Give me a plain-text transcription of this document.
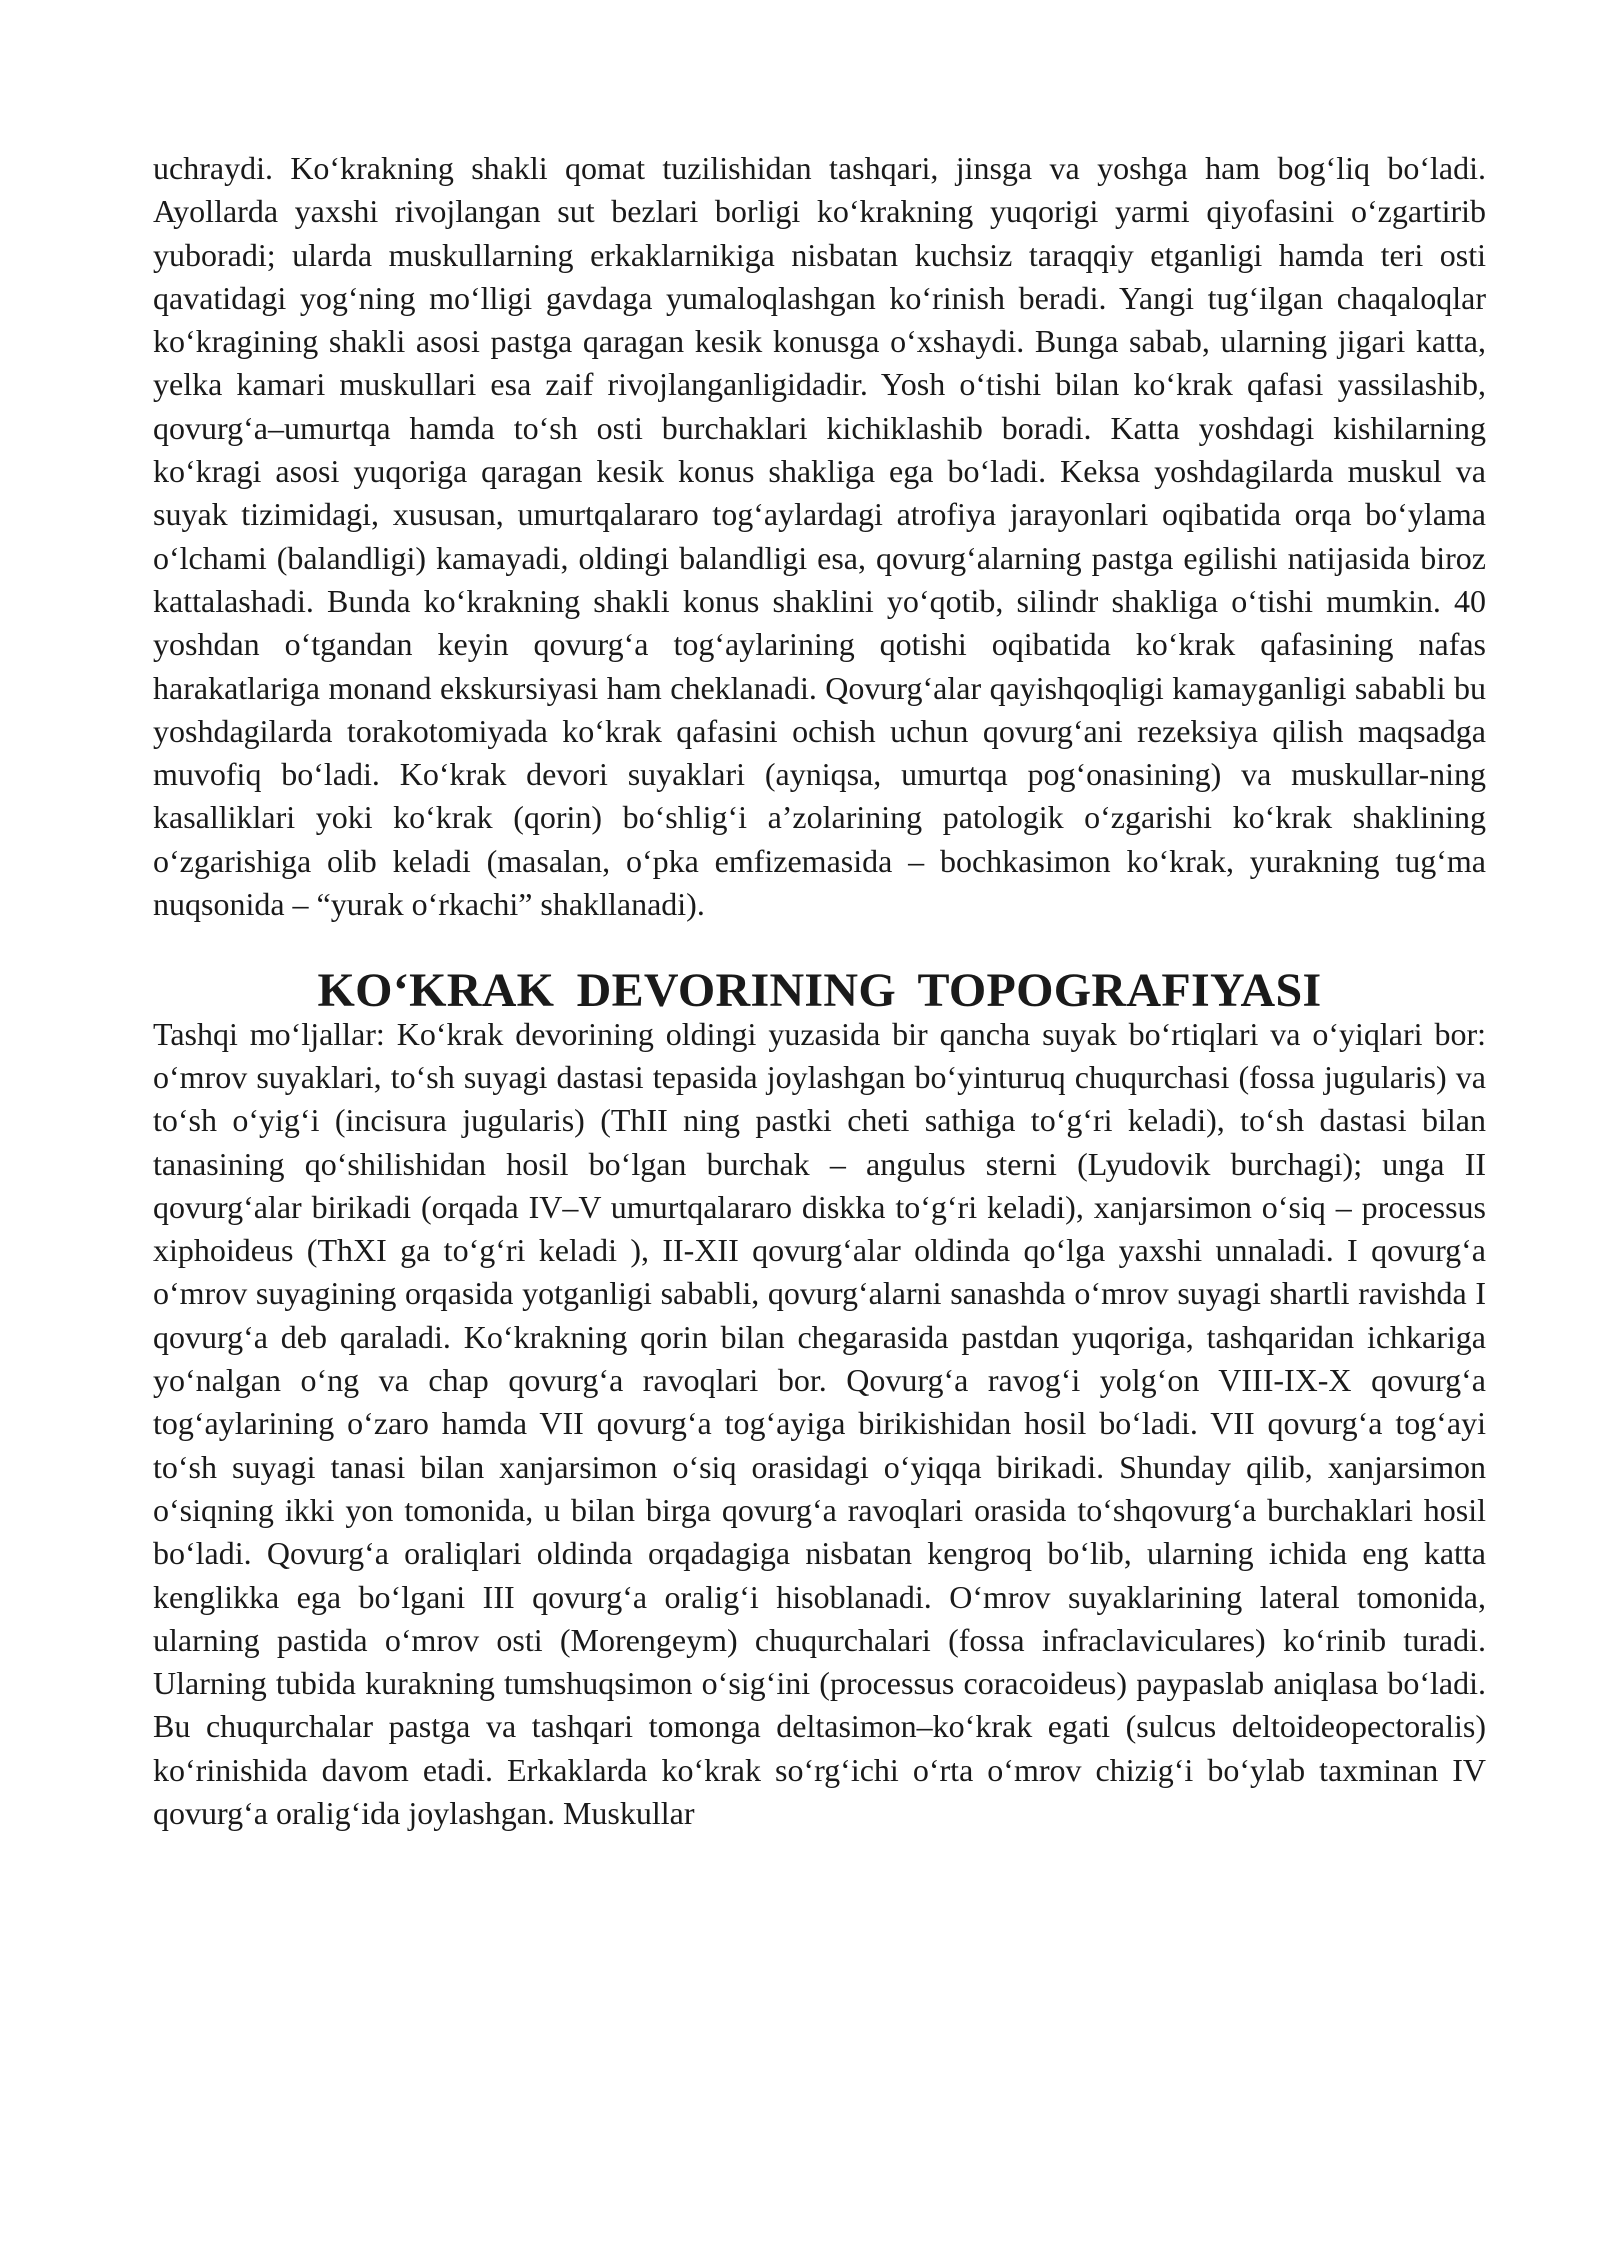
uchraydi. Ko‘krakning shakli qomat tuzilishidan tashqari, jinsga va yoshga ham bog‘liq bo‘ladi. Ayollarda yaxshi rivojlangan sut bezlari borligi ko‘krakning yuqorigi yarmi qiyofasini o‘zgartirib yuboradi; ularda muskullarning erkaklarnikiga nisbatan kuchsiz taraqqiy etganligi hamda teri osti qavatidagi yog‘ning mo‘lligi gavdaga yumaloqlashgan ko‘rinish beradi. Yangi tug‘ilgan chaqaloqlar ko‘kragining shakli asosi pastga qaragan kesik konusga o‘xshaydi. Bunga sabab, ularning jigari katta, yelka kamari muskullari esa zaif rivojlanganligidadir. Yosh o‘tishi bilan ko‘krak qafasi yassilashib, qovurg‘a–umurtqa hamda to‘sh osti burchaklari kichiklashib boradi. Katta yoshdagi kishilarning ko‘kragi asosi yuqoriga qaragan kesik konus shakliga ega bo‘ladi. Keksa yoshdagilarda muskul va suyak tizimidagi, xususan, umurtqalararo tog‘aylardagi atrofiya jarayonlari oqibatida orqa bo‘ylama o‘lchami (balandligi) kamayadi, oldingi balandligi esa, qovurg‘alarning pastga egilishi natijasida biroz kattalashadi. Bunda ko‘krakning shakli konus shaklini yo‘qotib, silindr shakliga o‘tishi mumkin. 40 yoshdan o‘tgandan keyin qovurg‘a tog‘aylarining qotishi oqibatida ko‘krak qafasining nafas harakatlariga monand ekskursiyasi ham cheklanadi. Qovurg‘alar qayishqoqligi kamayganligi sababli bu yoshdagilarda torakotomiyada ko‘krak qafasini ochish uchun qovurg‘ani rezeksiya qilish maqsadga muvofiq bo‘ladi. Ko‘krak devori suyaklari (ayniqsa, umurtqa pog‘onasining) va muskullar-ning kasalliklari yoki ko‘krak (qorin) bo‘shlig‘i a’zolarining patologik o‘zgarishi ko‘krak shaklining o‘zgarishiga olib keladi (masalan, o‘pka emfizemasida – bochkasimon ko‘krak, yurakning tug‘ma nuqsonida – “yurak o‘rkachi” shakllanadi).

KO‘KRAK DEVORINING TOPOGRAFIYASI

Tashqi mo‘ljallar: Ko‘krak devorining oldingi yuzasida bir qancha suyak bo‘rtiqlari va o‘yiqlari bor: o‘mrov suyaklari, to‘sh suyagi dastasi tepasida joylashgan bo‘yinturuq chuqurchasi (fossa jugularis) va to‘sh o‘yig‘i (incisura jugularis) (ThII ning pastki cheti sathiga to‘g‘ri keladi), to‘sh dastasi bilan tanasining qo‘shilishidan hosil bo‘lgan burchak – angulus sterni (Lyudovik burchagi); unga II qovurg‘alar birikadi (orqada IV–V umurtqalararo diskka to‘g‘ri keladi), xanjarsimon o‘siq – processus xiphoideus (ThXI ga to‘g‘ri keladi ), II-XII qovurg‘alar oldinda qo‘lga yaxshi unnaladi. I qovurg‘a o‘mrov suyagining orqasida yotganligi sababli, qovurg‘alarni sanashda o‘mrov suyagi shartli ravishda I qovurg‘a deb qaraladi. Ko‘krakning qorin bilan chegarasida pastdan yuqoriga, tashqaridan ichkariga yo‘nalgan o‘ng va chap qovurg‘a ravoqlari bor. Qovurg‘a ravog‘i yolg‘on VIII-IX-X qovurg‘a tog‘aylarining o‘zaro hamda VII qovurg‘a tog‘ayiga birikishidan hosil bo‘ladi. VII qovurg‘a tog‘ayi to‘sh suyagi tanasi bilan xanjarsimon o‘siq orasidagi o‘yiqqa birikadi. Shunday qilib, xanjarsimon o‘siqning ikki yon tomonida, u bilan birga qovurg‘a ravoqlari orasida to‘shqovurg‘a burchaklari hosil bo‘ladi. Qovurg‘a oraliqlari oldinda orqadagiga nisbatan kengroq bo‘lib, ularning ichida eng katta kenglikka ega bo‘lgani III qovurg‘a oralig‘i hisoblanadi. O‘mrov suyaklarining lateral tomonida, ularning pastida o‘mrov osti (Morengeym) chuqurchalari (fossa infraclaviculares) ko‘rinib turadi. Ularning tubida kurakning tumshuqsimon o‘sig‘ini (processus coracoideus) paypaslab aniqlasa bo‘ladi. Bu chuqurchalar pastga va tashqari tomonga deltasimon–ko‘krak egati (sulcus deltoideopectoralis) ko‘rinishida davom etadi. Erkaklarda ko‘krak so‘rg‘ichi o‘rta o‘mrov chizig‘i bo‘ylab taxminan IV qovurg‘a oralig‘ida joylashgan. Muskullar
